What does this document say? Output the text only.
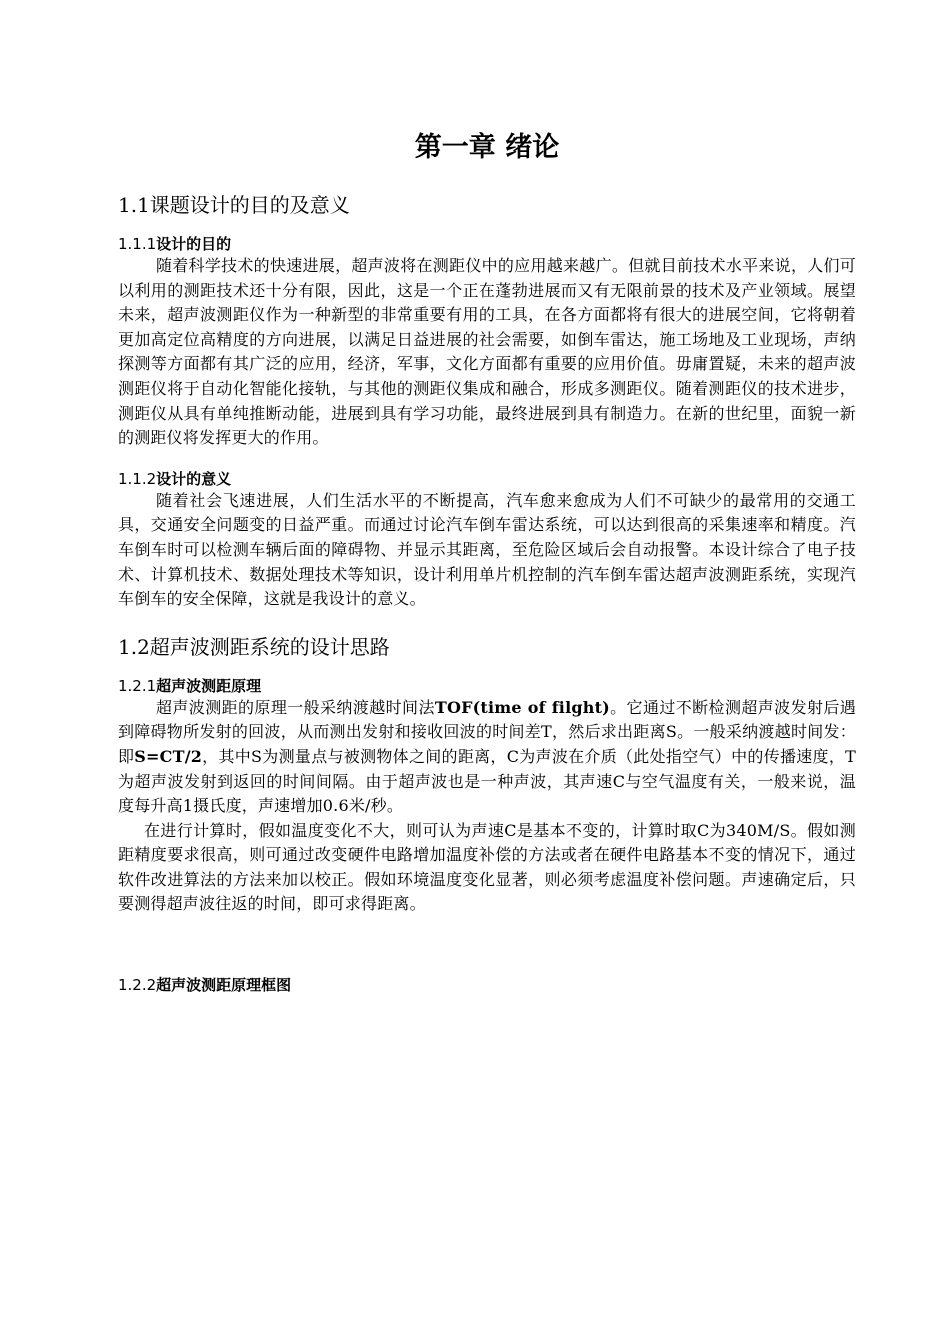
第一章 绪论
1.1课题设计的目的及意义
1.1.1设计的目的

随着科学技术的快速进展，超声波将在测距仪中的应用越来越广。但就目前技术水平来说，人们可以利用的测距技术还十分有限，因此，这是一个正在蓬勃进展而又有无限前景的技术及产业领域。展望未来，超声波测距仪作为一种新型的非常重要有用的工具，在各方面都将有很大的进展空间，它将朝着更加高定位高精度的方向进展，以满足日益进展的社会需要，如倒车雷达，施工场地及工业现场，声纳探测等方面都有其广泛的应用，经济，军事，文化方面都有重要的应用价值。毋庸置疑，未来的超声波测距仪将于自动化智能化接轨，与其他的测距仪集成和融合，形成多测距仪。随着测距仪的技术进步，测距仪从具有单纯推断动能，进展到具有学习功能，最终进展到具有制造力。在新的世纪里，面貌一新的测距仪将发挥更大的作用。

1.1.2设计的意义

随着社会飞速进展，人们生活水平的不断提高，汽车愈来愈成为人们不可缺少的最常用的交通工具，交通安全问题变的日益严重。而通过讨论汽车倒车雷达系统，可以达到很高的采集速率和精度。汽车倒车时可以检测车辆后面的障碍物、并显示其距离，至危险区域后会自动报警。本设计综合了电子技术、计算机技术、数据处理技术等知识，设计利用单片机控制的汽车倒车雷达超声波测距系统，实现汽车倒车的安全保障，这就是我设计的意义。

1.2超声波测距系统的设计思路
1.2.1超声波测距原理

超声波测距的原理一般采纳渡越时间法TOF(time of filght)。它通过不断检测超声波发射后遇到障碍物所发射的回波，从而测出发射和接收回波的时间差T，然后求出距离S。一般采纳渡越时间发：即S=CT/2，其中S为测量点与被测物体之间的距离，C为声波在介质（此处指空气）中的传播速度，T为超声波发射到返回的时间间隔。由于超声波也是一种声波，其声速C与空气温度有关，一般来说，温度每升高1摄氏度，声速增加0.6米/秒。

在进行计算时，假如温度变化不大，则可认为声速C是基本不变的，计算时取C为340M/S。假如测距精度要求很高，则可通过改变硬件电路增加温度补偿的方法或者在硬件电路基本不变的情况下，通过软件改进算法的方法来加以校正。假如环境温度变化显著，则必须考虑温度补偿问题。声速确定后，只要测得超声波往返的时间，即可求得距离。

1.2.2超声波测距原理框图
